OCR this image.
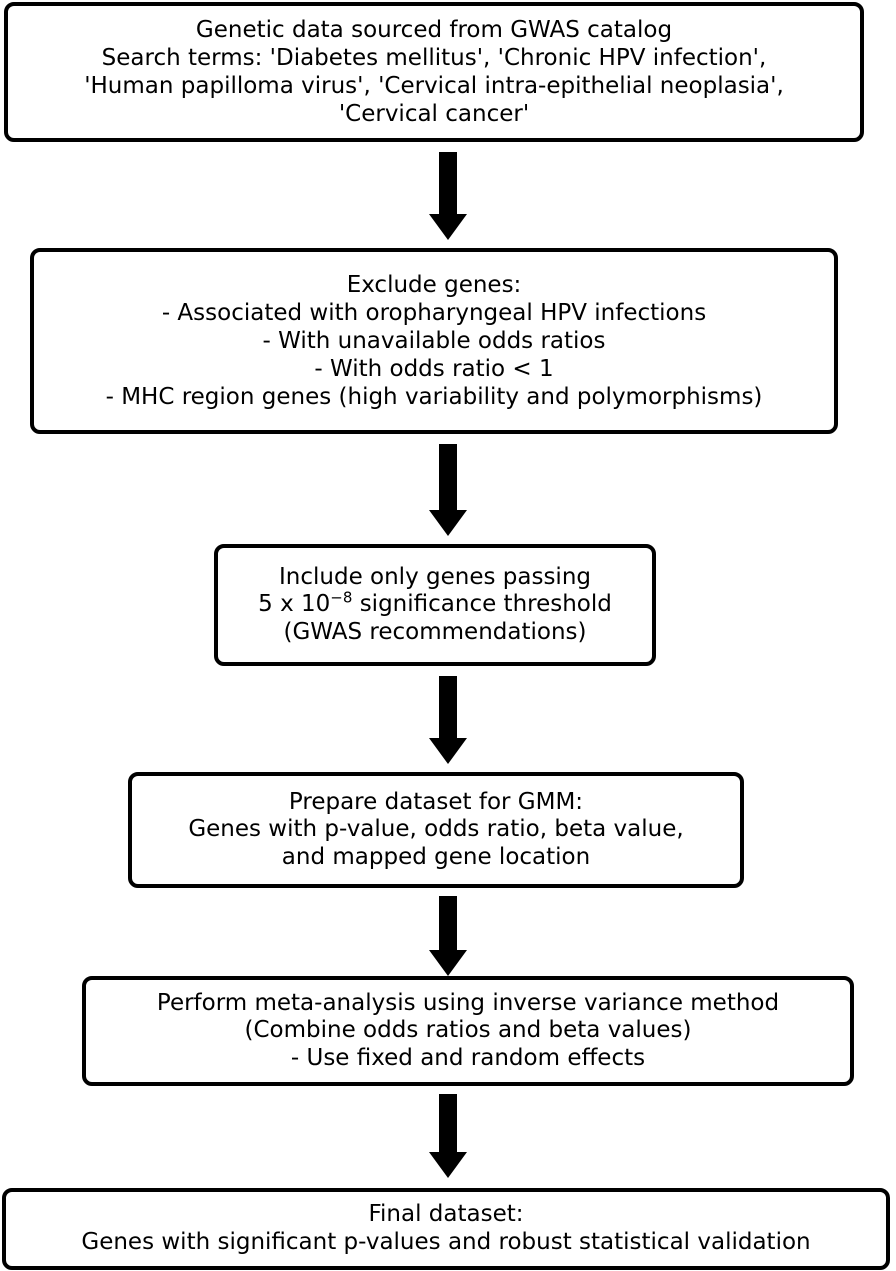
Genetic data sourced from GWAS catalog
Search terms: 'Diabetes mellitus', 'Chronic HPV infection',
'Human papilloma virus', 'Cervical intra-epithelial neoplasia',
'Cervical cancer'
Exclude genes:
- Associated with oropharyngeal HPV infections
- With unavailable odds ratios
- With odds ratio < 1
- MHC region genes (high variability and polymorphisms)
Include only genes passing
5 x $10^{-8}$ significance threshold
(GWAS recommendations)
Prepare dataset for GMM:
Genes with p-value, odds ratio, beta value,
and mapped gene location
Perform meta-analysis using inverse variance method
(Combine odds ratios and beta values)
- Use fixed and random effects
Final dataset:
Genes with significant p-values and robust statistical validation
